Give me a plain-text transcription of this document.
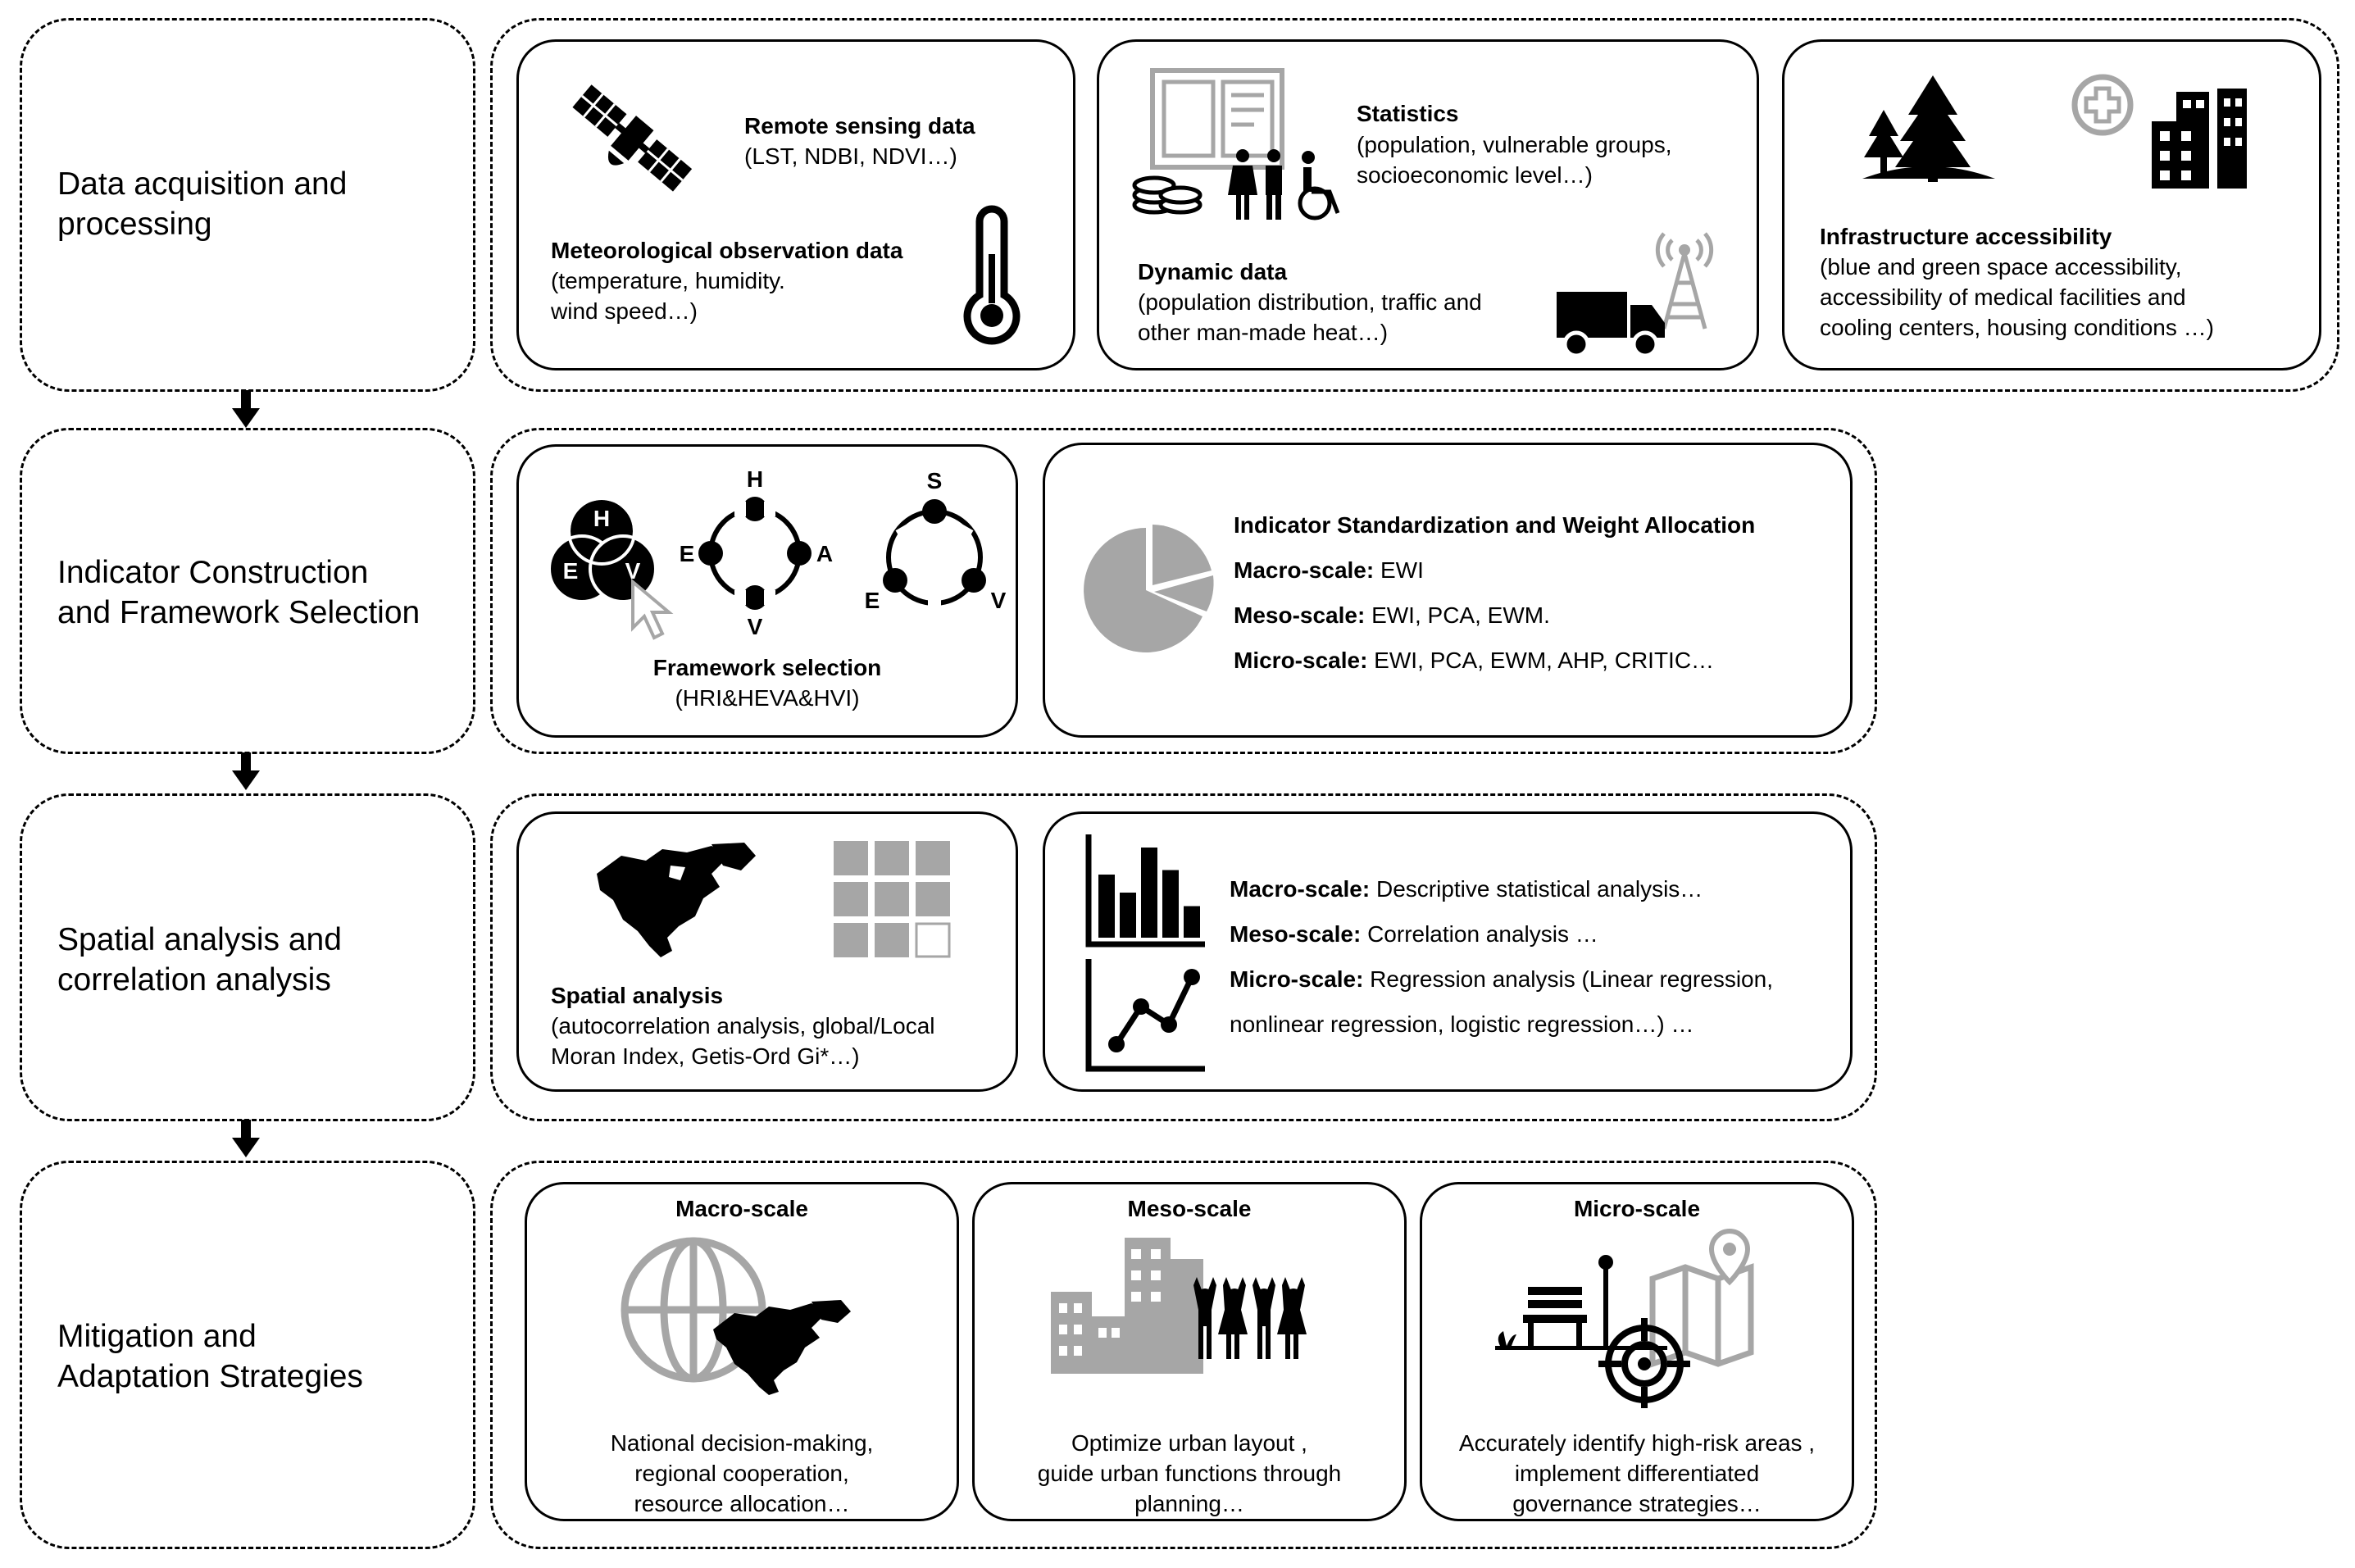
Data acquisition and
processing
Indicator Construction
and Framework Selection
Spatial analysis and
correlation analysis
Mitigation and
Adaptation Strategies
Remote sensing data
(LST, NDBI, NDVI…)
Meteorological observation data
(temperature, humidity.
wind speed…)
Statistics
(population, vulnerable groups,
socioeconomic level…)
Dynamic data
(population distribution, traffic and
other man-made heat…)
Infrastructure accessibility
(blue and green space accessibility,
accessibility of medical facilities and
cooling centers, housing conditions …)
H
E V
H
E	A
V
S
E	V
Framework selection
(HRI&HEVA&HVI)
Indicator Standardization and Weight Allocation
Macro-scale: EWI
Meso-scale: EWI, PCA, EWM.
Micro-scale: EWI, PCA, EWM, AHP, CRITIC…
Spatial analysis
(autocorrelation analysis, global/Local
Moran Index, Getis-Ord Gi*…)
Macro-scale: Descriptive statistical analysis…
Meso-scale: Correlation analysis …
Micro-scale: Regression analysis (Linear regression,
nonlinear regression, logistic regression…) …
Macro-scale
National decision-making,
regional cooperation,
resource allocation…
Meso-scale
Optimize urban layout ,
guide urban functions through
planning…
Micro-scale
Accurately identify high-risk areas ,
implement differentiated
governance strategies…
